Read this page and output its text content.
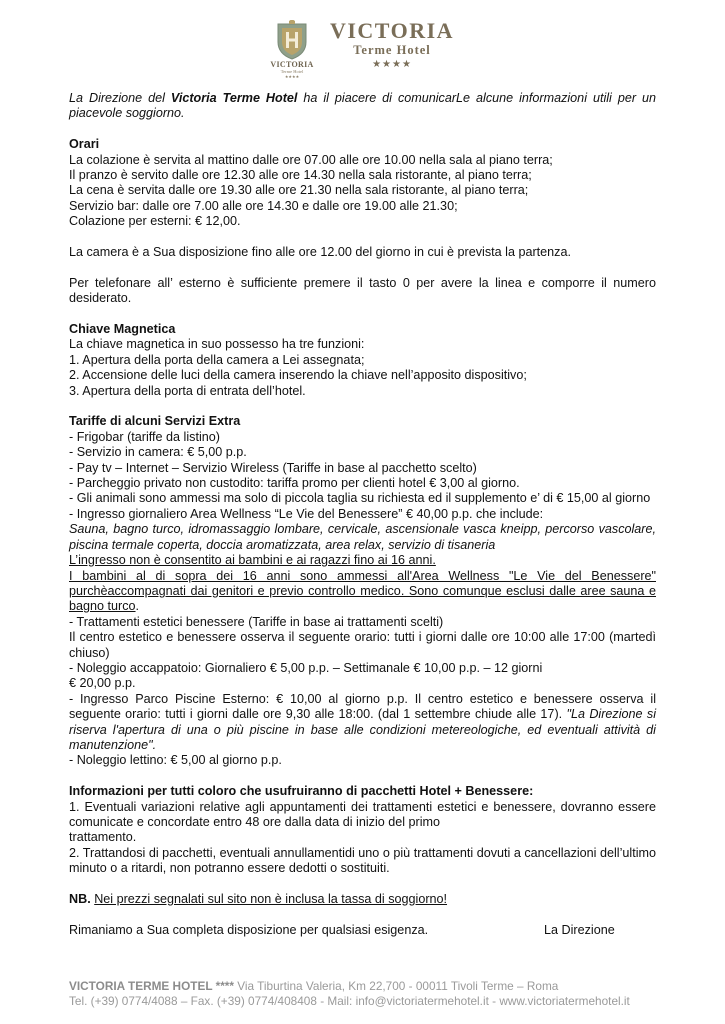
VICTORIA
Terme Hotel
★★★★
VICTORIA
Terme Hotel
★★★★

La Direzione del Victoria Terme Hotel ha il piacere di comunicarLe alcune informazioni utili per un piacevole soggiorno.

Orari

La colazione è servita al mattino dalle ore 07.00 alle ore 10.00 nella sala al piano terra;

Il pranzo è servito dalle ore 12.30 alle ore 14.30 nella sala ristorante, al piano terra;

La cena è servita dalle ore 19.30 alle ore 21.30 nella sala ristorante, al piano terra;

Servizio bar: dalle ore 7.00 alle ore 14.30 e dalle ore 19.00 alle 21.30;

Colazione per esterni: € 12,00.

La camera è a Sua disposizione fino alle ore 12.00 del giorno in cui è prevista la partenza.

Per telefonare all’ esterno è sufficiente premere il tasto 0 per avere la linea e comporre il numero desiderato.

Chiave Magnetica

La chiave magnetica in suo possesso ha tre funzioni:

1. Apertura della porta della camera a Lei assegnata;

2. Accensione delle luci della camera inserendo la chiave nell’apposito dispositivo;

3. Apertura della porta di entrata dell’hotel.

Tariffe di alcuni Servizi Extra

- Frigobar (tariffe da listino)

- Servizio in camera: € 5,00 p.p.

- Pay tv – Internet – Servizio Wireless (Tariffe in base al pacchetto scelto)

- Parcheggio privato non custodito: tariffa promo per clienti hotel € 3,00 al giorno.

- Gli animali sono ammessi ma solo di piccola taglia su richiesta ed il supplemento e’ di € 15,00 al giorno

- Ingresso giornaliero Area Wellness “Le Vie del Benessere” € 40,00 p.p. che include:

Sauna, bagno turco, idromassaggio lombare, cervicale, ascensionale vasca kneipp, percorso vascolare, piscina termale coperta, doccia aromatizzata, area relax, servizio di tisaneria

L’ingresso non è consentito ai bambini e ai ragazzi fino ai 16 anni.

I bambini al di sopra dei 16 anni sono ammessi all'Area Wellness "Le Vie del Benessere" purchèaccompagnati dai genitori e previo controllo medico. Sono comunque esclusi dalle aree sauna e bagno turco.

- Trattamenti estetici benessere (Tariffe in base ai trattamenti scelti)

Il centro estetico e benessere osserva il seguente orario: tutti i giorni dalle ore 10:00 alle 17:00 (martedì chiuso)

- Noleggio accappatoio: Giornaliero € 5,00 p.p. – Settimanale € 10,00 p.p. – 12 giorni

€ 20,00 p.p.

- Ingresso Parco Piscine Esterno: € 10,00 al giorno p.p. Il centro estetico e benessere osserva il seguente orario: tutti i giorni dalle ore 9,30 alle 18:00. (dal 1 settembre chiude alle 17). "La Direzione si riserva l'apertura di una o più piscine in base alle condizioni metereologiche, ed eventuali attività di manutenzione".

- Noleggio lettino: € 5,00 al giorno p.p.

Informazioni per tutti coloro che usufruiranno di pacchetti Hotel + Benessere:

1. Eventuali variazioni relative agli appuntamenti dei trattamenti estetici e benessere, dovranno essere comunicate e concordate entro 48 ore dalla data di inizio del primo

trattamento.

2. Trattandosi di pacchetti, eventuali annullamentidi uno o più trattamenti dovuti a cancellazioni dell’ultimo minuto o a ritardi, non potranno essere dedotti o sostituiti.

NB. Nei prezzi segnalati sul sito non è inclusa la tassa di soggiorno!

Rimaniamo a Sua completa disposizione per qualsiasi esigenza.	La Direzione

VICTORIA TERME HOTEL **** Via Tiburtina Valeria, Km 22,700 - 00011 Tivoli Terme – Roma

Tel. (+39) 0774/4088 – Fax. (+39) 0774/408408 - Mail: info@victoriatermehotel.it - www.victoriatermehotel.it
